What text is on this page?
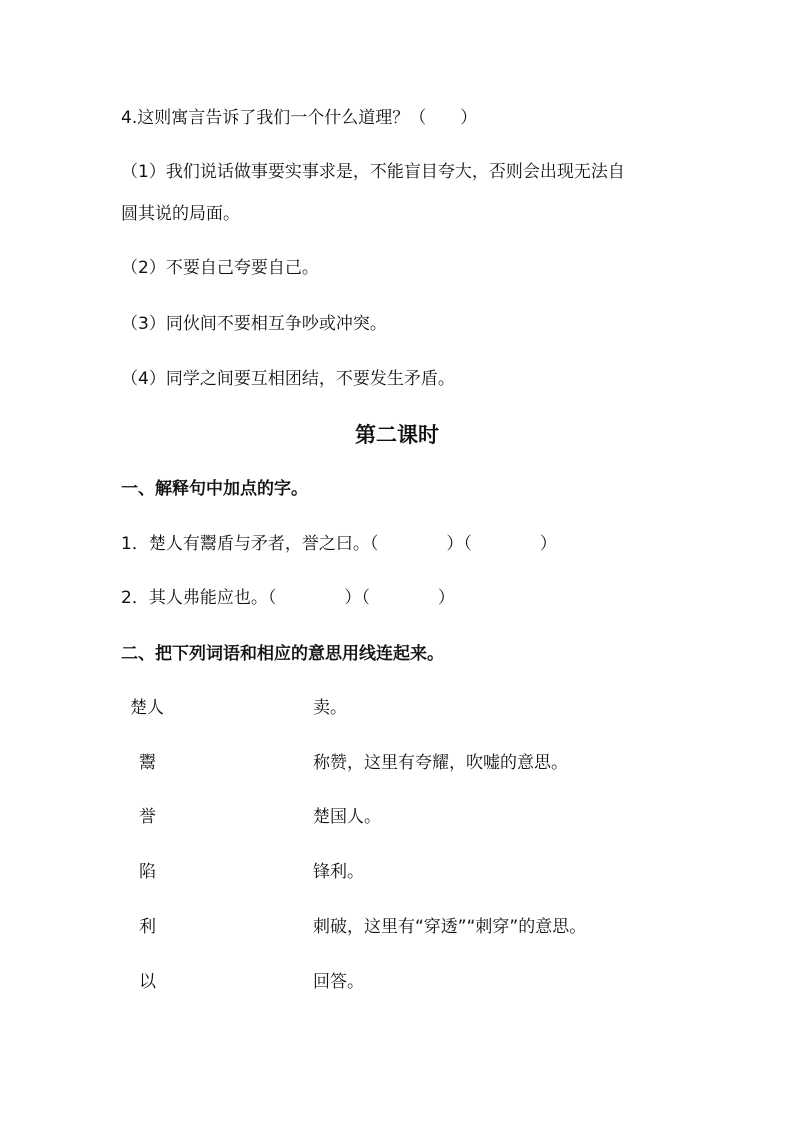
4.这则寓言告诉了我们一个什么道理？（　　）
（1）我们说话做事要实事求是，不能盲目夸大，否则会出现无法自
圆其说的局面。
（2）不要自己夸要自己。
（3）同伙间不要相互争吵或冲突。
（4）同学之间要互相团结，不要发生矛盾。
第二课时
一、解释句中加点的字。
1．楚人有鬻盾与矛者，誉之曰。（　　　　）（　　　　）
2．其人弗能应也。（　　　　）（　　　　）
二、把下列词语和相应的意思用线连起来。
楚人	卖。
鬻	称赞，这里有夸耀，吹嘘的意思。
誉	楚国人。
陷	锋利。
利	刺破，这里有“穿透”“刺穿”的意思。
以	回答。
